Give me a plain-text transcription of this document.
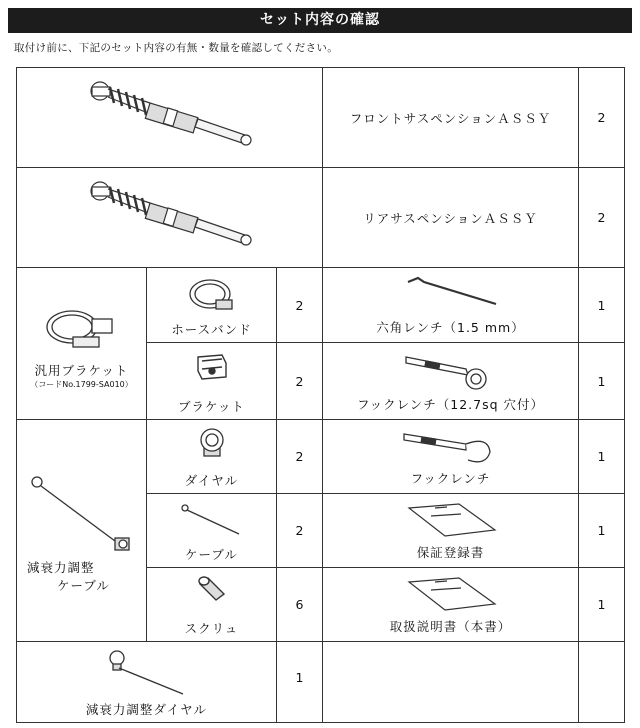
セット内容の確認
取付け前に、下記のセット内容の有無・数量を確認してください。
	フロントサスペンションＡＳＳＹ	2

	リアサスペンションＡＳＳＹ	2

汎用ブラケット
（コードNo.1799-SA010）	ホースバンド	2	六角レンチ（1.5 mm）	1

	ブラケット	2	フックレンチ（12.7sq 穴付）	1

減衰力調整
ケーブル	ダイヤル	2	フックレンチ	1

	ケーブル	2	保証登録書	1

	スクリュ	6	取扱説明書（本書）	1

減衰力調整ダイヤル		1		
